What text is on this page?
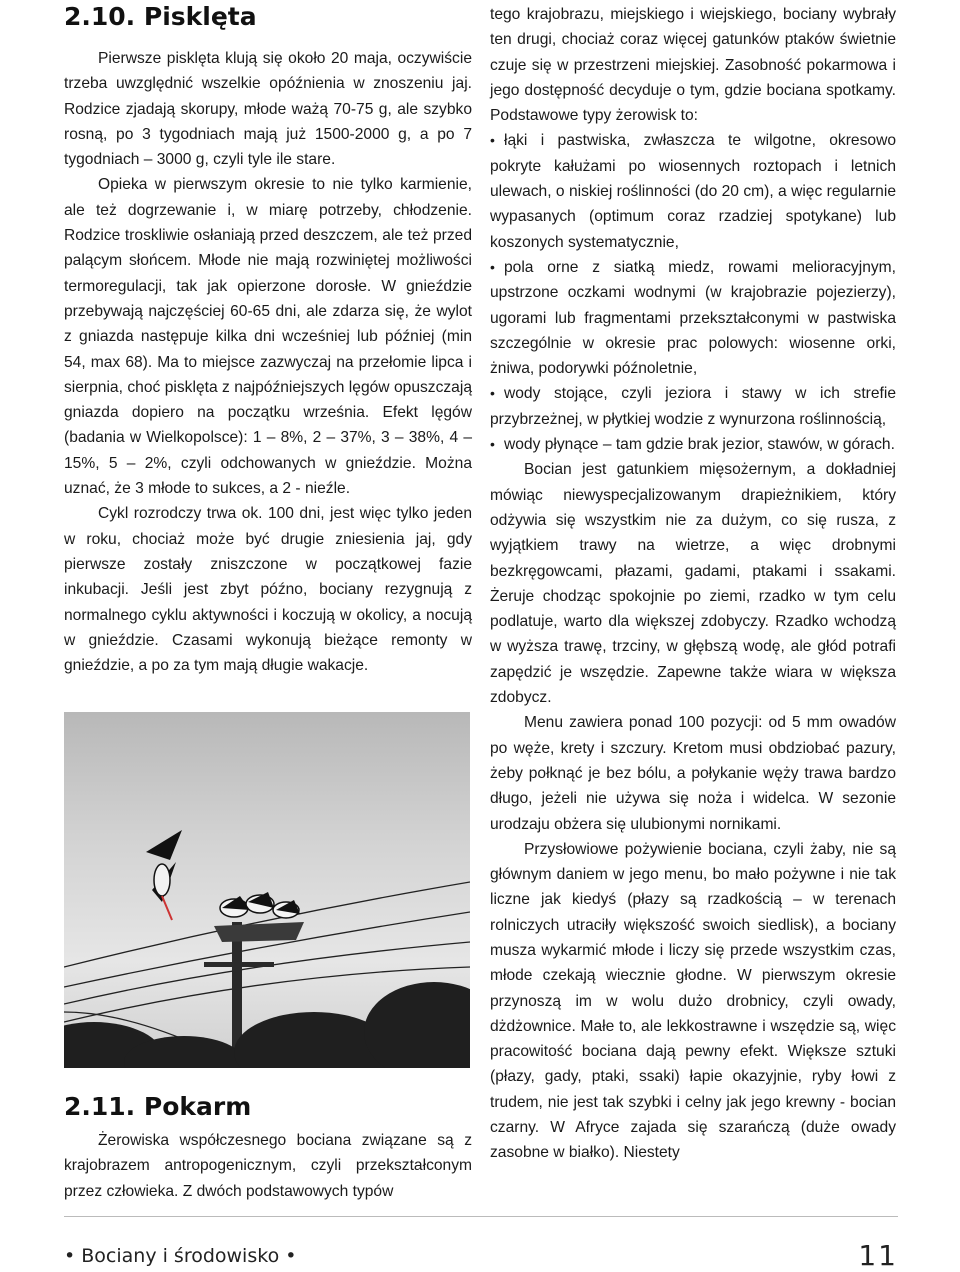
2.10. Pisklęta

Pierwsze pisklęta klują się około 20 maja, oczywiście trzeba uwzględnić wszelkie opóźnienia w znoszeniu jaj. Rodzice zjadają skorupy, młode ważą 70-75 g, ale szybko rosną, po 3 tygodniach mają już 1500-2000 g, a po 7 tygodniach – 3000 g, czyli tyle ile stare.

Opieka w pierwszym okresie to nie tylko karmienie, ale też dogrzewanie i, w miarę potrzeby, chłodzenie. Rodzice troskliwie osłaniają przed deszczem, ale też przed palącym słońcem. Młode nie mają rozwiniętej możliwości termoregulacji, tak jak opierzone dorosłe. W gnieździe przebywają najczęściej 60-65 dni, ale zdarza się, że wylot z gniazda następuje kilka dni wcześniej lub później (min 54, max 68). Ma to miejsce zazwyczaj na przełomie lipca i sierpnia, choć pisklęta z najpóźniejszych lęgów opuszczają gniazda dopiero na początku września. Efekt lęgów (badania w Wielkopolsce): 1 – 8%, 2 – 37%, 3 – 38%, 4 – 15%, 5 – 2%, czyli odchowanych w gnieździe. Można uznać, że 3 młode to sukces, a 2 - nieźle.

Cykl rozrodczy trwa ok. 100 dni, jest więc tylko jeden w roku, chociaż może być drugie zniesienia jaj, gdy pierwsze zostały zniszczone w początkowej fazie inkubacji. Jeśli jest zbyt późno, bociany rezygnują z normalnego cyklu aktywności i koczują w okolicy, a nocują w gnieździe. Czasami wykonują bieżące remonty w gnieździe, a po za tym mają długie wakacje.

2.11. Pokarm

Żerowiska współczesnego bociana związane są z krajobrazem antropogenicznym, czyli przekształconym przez człowieka. Z dwóch podstawowych typów

tego krajobrazu, miejskiego i wiejskiego, bociany wybrały ten drugi, chociaż coraz więcej gatunków ptaków świetnie czuje się w przestrzeni miejskiej. Zasobność pokarmowa i jego dostępność decyduje o tym, gdzie bociana spotkamy. Podstawowe typy żerowisk to:

• łąki i pastwiska, zwłaszcza te wilgotne, okresowo pokryte kałużami po wiosennych roztopach i letnich ulewach, o niskiej roślinności (do 20 cm), a więc regularnie wypasanych (optimum coraz rzadziej spotykane) lub koszonych systematycznie,
• pola orne z siatką miedz, rowami melioracyjnym, upstrzone oczkami wodnymi (w krajobrazie pojezierzy), ugorami lub fragmentami przekształconymi w pastwiska szczególnie w okresie prac polowych: wiosenne orki, żniwa, podorywki późnoletnie,
• wody stojące, czyli jeziora i stawy w ich strefie przybrzeżnej, w płytkiej wodzie z wynurzona roślinnością,
• wody płynące – tam gdzie brak jezior, stawów, w górach.

Bocian jest gatunkiem mięsożernym, a dokładniej mówiąc niewyspecjalizowanym drapieżnikiem, który odżywia się wszystkim nie za dużym, co się rusza, z wyjątkiem trawy na wietrze, a więc drobnymi bezkręgowcami, płazami, gadami, ptakami i ssakami. Żeruje chodząc spokojnie po ziemi, rzadko w tym celu podlatuje, warto dla większej zdobyczy. Rzadko wchodzą w wyższa trawę, trzciny, w głębszą wodę, ale głód potrafi zapędzić je wszędzie. Zapewne także wiara w większa zdobycz.

Menu zawiera ponad 100 pozycji: od 5 mm owadów po węże, krety i szczury. Kretom musi obdziobać pazury, żeby połknąć je bez bólu, a połykanie węży trawa bardzo długo, jeżeli nie używa się noża i widelca. W sezonie urodzaju obżera się ulubionymi nornikami.

Przysłowiowe pożywienie bociana, czyli żaby, nie są głównym daniem w jego menu, bo mało pożywne i nie tak liczne jak kiedyś (płazy są rzadkością – w terenach rolniczych utraciły większość swoich siedlisk), a bociany musza wykarmić młode i liczy się przede wszystkim czas, młode czekają wiecznie głodne. W pierwszym okresie przynoszą im w wolu dużo drobnicy, czyli owady, dżdżownice. Małe to, ale lekkostrawne i wszędzie są, więc pracowitość bociana dają pewny efekt. Większe sztuki (płazy, gady, ptaki, ssaki) łapie okazyjnie, ryby łowi z trudem, nie jest tak szybki i celny jak jego krewny - bocian czarny. W Afryce zajada się szarańczą (duże owady zasobne w białko). Niestety

• Bociany i środowisko •	11
